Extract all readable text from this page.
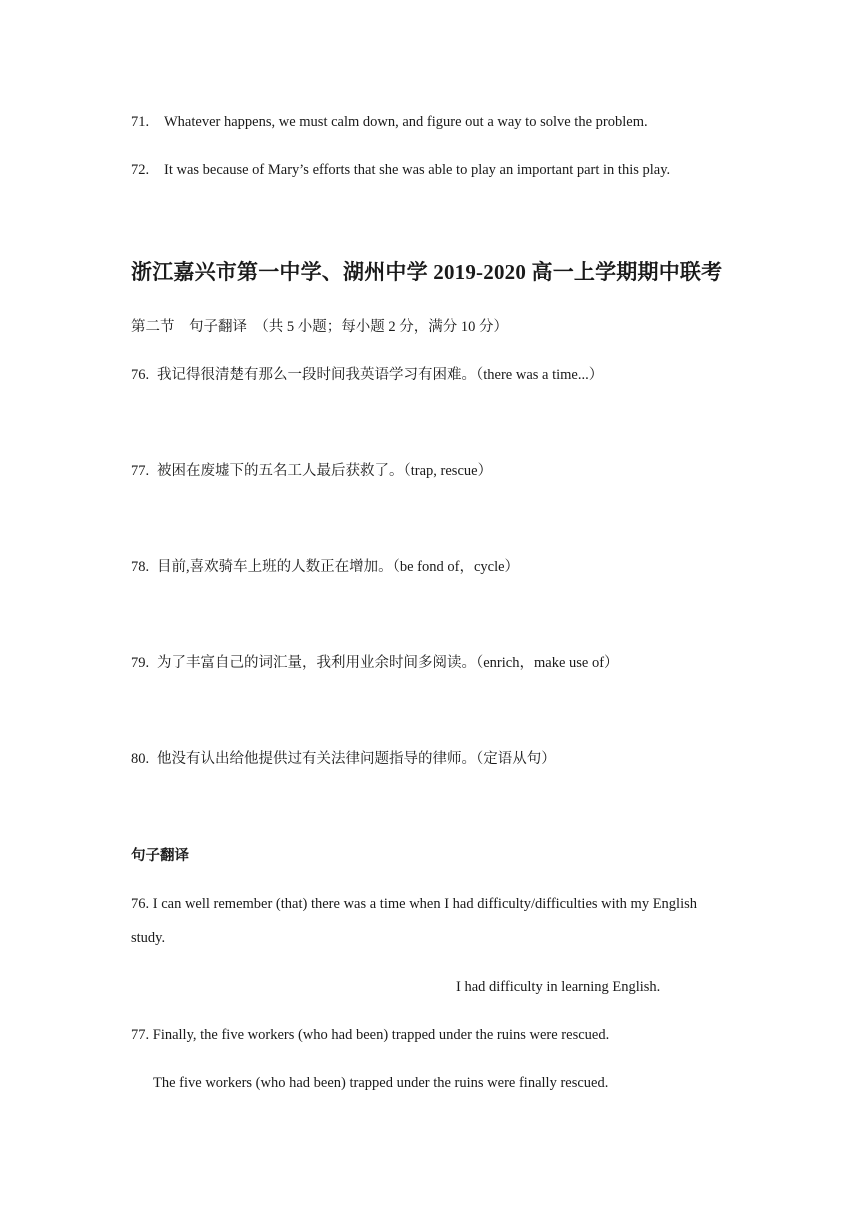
71. Whatever happens, we must calm down, and figure out a way to solve the problem.
72. It was because of Mary’s efforts that she was able to play an important part in this play.
浙江嘉兴市第一中学、湖州中学 2019-2020 高一上学期期中联考
第二节　句子翻译　（共 5 小题；每小题 2 分，满分 10 分）
76. 我记得很清楚有那么一段时间我英语学习有困难。（there was a time...）
77. 被困在废墟下的五名工人最后获救了。（trap, rescue）
78. 目前,喜欢骑车上班的人数正在增加。（be fond of，cycle）
79. 为了丰富自己的词汇量，我利用业余时间多阅读。（enrich，make use of）
80. 他没有认出给他提供过有关法律问题指导的律师。（定语从句）
句子翻译
76. I can well remember (that) there was a time when I had difficulty/difficulties with my English
study.
I had difficulty in learning English.
77. Finally, the five workers (who had been) trapped under the ruins were rescued.
The five workers (who had been) trapped under the ruins were finally rescued.
